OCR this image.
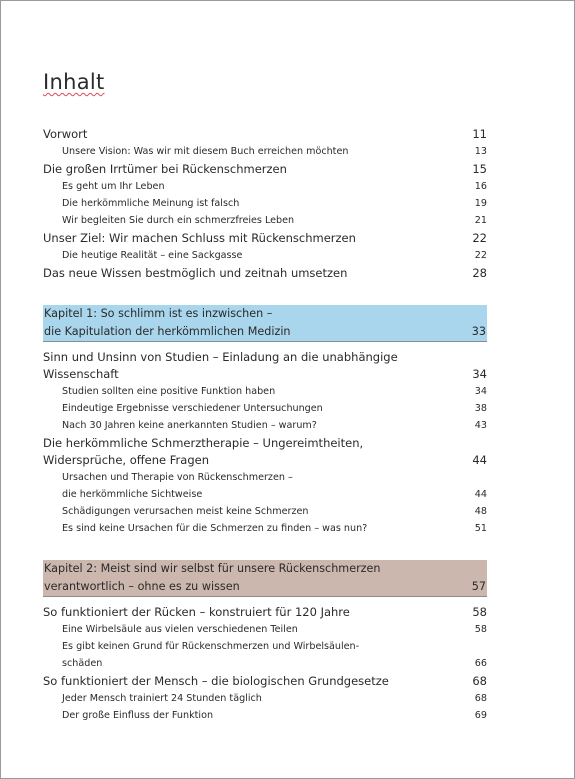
Inhalt
Vorwort	11
Unsere Vision: Was wir mit diesem Buch erreichen möchten	13
Die großen Irrtümer bei Rückenschmerzen	15
Es geht um Ihr Leben	16
Die herkömmliche Meinung ist falsch	19
Wir begleiten Sie durch ein schmerzfreies Leben	21
Unser Ziel: Wir machen Schluss mit Rückenschmerzen	22
Die heutige Realität – eine Sackgasse	22
Das neue Wissen bestmöglich und zeitnah umsetzen	28
Kapitel 1: So schlimm ist es inzwischen –
die Kapitulation der herkömmlichen Medizin	33
Sinn und Unsinn von Studien – Einladung an die unabhängige
Wissenschaft	34
Studien sollten eine positive Funktion haben	34
Eindeutige Ergebnisse verschiedener Untersuchungen	38
Nach 30 Jahren keine anerkannten Studien – warum?	43
Die herkömmliche Schmerztherapie – Ungereimtheiten,
Widersprüche, offene Fragen	44
Ursachen und Therapie von Rückenschmerzen –
die herkömmliche Sichtweise	44
Schädigungen verursachen meist keine Schmerzen	48
Es sind keine Ursachen für die Schmerzen zu finden – was nun?	51
Kapitel 2: Meist sind wir selbst für unsere Rückenschmerzen
verantwortlich – ohne es zu wissen	57
So funktioniert der Rücken – konstruiert für 120 Jahre	58
Eine Wirbelsäule aus vielen verschiedenen Teilen	58
Es gibt keinen Grund für Rückenschmerzen und Wirbelsäulen-
schäden	66
So funktioniert der Mensch – die biologischen Grundgesetze	68
Jeder Mensch trainiert 24 Stunden täglich	68
Der große Einfluss der Funktion	69
